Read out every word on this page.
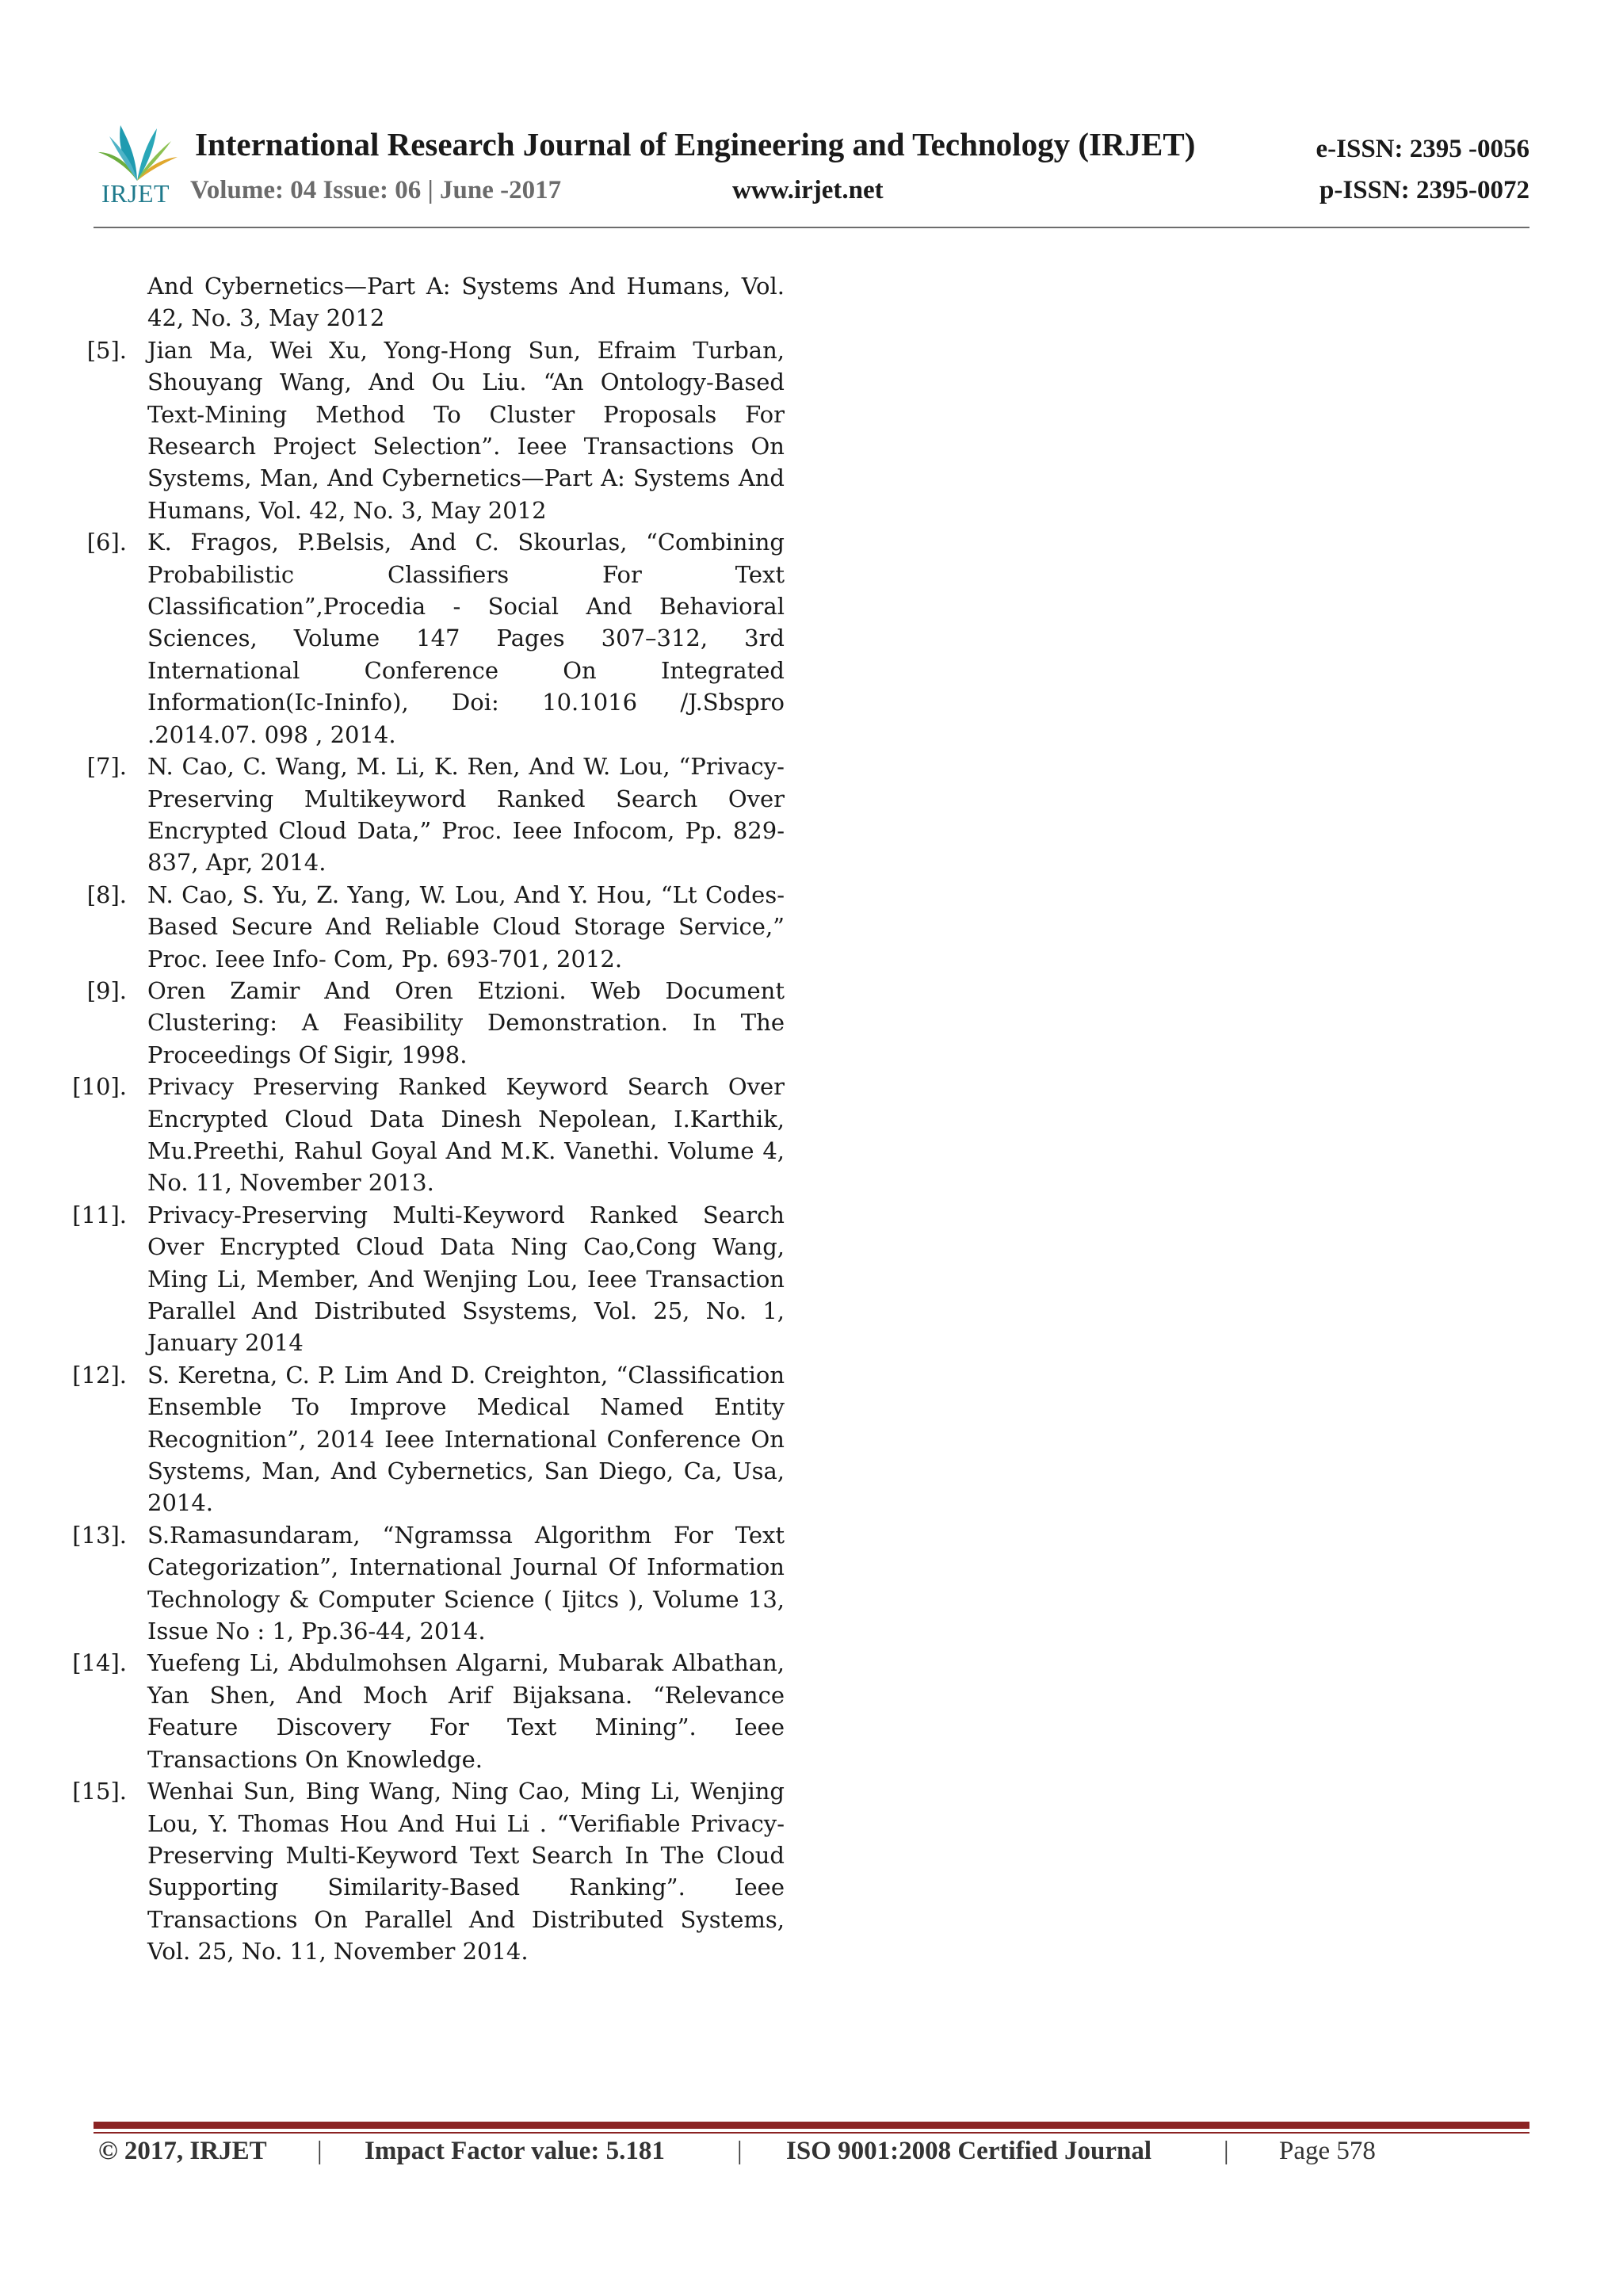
IRJET
International Research Journal of Engineering and Technology (IRJET)
Volume: 04 Issue: 06 | June -2017	www.irjet.net
e-ISSN: 2395 -0056
p-ISSN: 2395-0072
And Cybernetics—Part A: Systems And Humans, Vol. 42, No. 3, May 2012
[5]. Jian Ma, Wei Xu, Yong-Hong Sun, Efraim Turban, Shouyang Wang, And Ou Liu. “An Ontology-Based Text-Mining Method To Cluster Proposals For Research Project Selection”. Ieee Transactions On Systems, Man, And Cybernetics—Part A: Systems And Humans, Vol. 42, No. 3, May 2012
[6]. K. Fragos, P.Belsis, And C. Skourlas, “Combining Probabilistic Classifiers For Text Classification”,Procedia - Social And Behavioral Sciences, Volume 147 Pages 307–312, 3rd International Conference On Integrated Information(Ic-Ininfo), Doi: 10.1016 /J.Sbspro .2014.07. 098 , 2014.
[7]. N. Cao, C. Wang, M. Li, K. Ren, And W. Lou, “Privacy-Preserving Multikeyword Ranked Search Over Encrypted Cloud Data,” Proc. Ieee Infocom, Pp. 829-837, Apr, 2014.
[8]. N. Cao, S. Yu, Z. Yang, W. Lou, And Y. Hou, “Lt Codes-Based Secure And Reliable Cloud Storage Service,” Proc. Ieee Info- Com, Pp. 693-701, 2012.
[9]. Oren Zamir And Oren Etzioni. Web Document Clustering: A Feasibility Demonstration. In The Proceedings Of Sigir, 1998.
[10]. Privacy Preserving Ranked Keyword Search Over Encrypted Cloud Data Dinesh Nepolean, I.Karthik, Mu.Preethi, Rahul Goyal And M.K. Vanethi. Volume 4, No. 11, November 2013.
[11]. Privacy-Preserving Multi-Keyword Ranked Search Over Encrypted Cloud Data Ning Cao,Cong Wang, Ming Li, Member, And Wenjing Lou, Ieee Transaction Parallel And Distributed Ssystems, Vol. 25, No. 1, January 2014
[12]. S. Keretna, C. P. Lim And D. Creighton, “Classification Ensemble To Improve Medical Named Entity Recognition”, 2014 Ieee International Conference On Systems, Man, And Cybernetics, San Diego, Ca, Usa, 2014.
[13]. S.Ramasundaram, “Ngramssa Algorithm For Text Categorization”, International Journal Of Information Technology & Computer Science ( Ijitcs ), Volume 13, Issue No : 1, Pp.36-44, 2014.
[14]. Yuefeng Li, Abdulmohsen Algarni, Mubarak Albathan, Yan Shen, And Moch Arif Bijaksana. “Relevance Feature Discovery For Text Mining”. Ieee Transactions On Knowledge.
[15]. Wenhai Sun, Bing Wang, Ning Cao, Ming Li, Wenjing Lou, Y. Thomas Hou And Hui Li . “Verifiable Privacy-Preserving Multi-Keyword Text Search In The Cloud Supporting Similarity-Based Ranking”. Ieee Transactions On Parallel And Distributed Systems, Vol. 25, No. 11, November 2014.
© 2017, IRJET | Impact Factor value: 5.181	| ISO 9001:2008 Certified Journal	| Page 578
